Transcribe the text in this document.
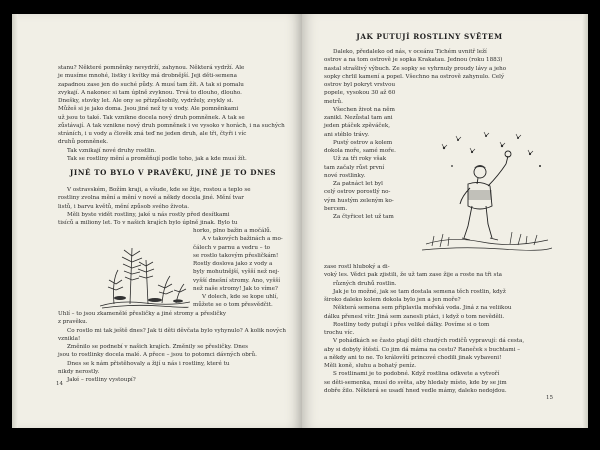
stanu? Některé pomněnky nevydrží, zahynou. Některá vydrží. Ale

je musíme mnohé, listky i kvítky má drobnější. Jeji děti-semena

zapadnou zase jen do suché půdy. A musí tam žít. A tak si pomalu

zvykají. A nakonec si tam úplně zvyknou. Trvá to dlouho, dlouho.

Dnešky, stovky let. Ale ony se přizpůsobily, vydržely, zvykly si.

Můžeš si je jako doma. Jsou jiné než ty u vody. Ale pomněnkami

už jsou to také. Tak vznikne docela nový druh pomněnek. A tak se

zůstávají. A tak vznikne nový druh pomněnek i ve vysoko v horách, i na suchých

stráních, i u vody a člověk zná teď ne jeden druh, ale tři, čtyři i víc

druhů pomněnek.

Tak vznikají nové druhy rostlin.

Tak se rostliny mění a proměňují podle toho, jak a kde musí žít.

JINÉ TO BYLO V PRAVĚKU, JINÉ JE TO DNES

V ostravském, Božím kraji, a všude, kde se žije, rostou a teplo se

rostliny zvolna mění a mění v nové a někdy docela jiné. Mění tvar

listů, i barvu květů, mění způsob svého života.

Měli byste vidět rostliny, jaké u nás rostly před desítkami

tisíců a miliony let. To v našich krajích bylo úplně jinak. Bylo tu

horko, plno bažin a močálů.

A v takových bažinách a mo-

čálech v parnu a vedru – to

se rostlo takovým přesličkám!

Rostly doslova jako z vody a

byly mohutnější, vyšší než nej-

vyšší dnešní stromy. Ano, vyšší

než naše stromy! Jak to víme?

V dolech, kde se kope uhlí,

můžete se o tom přesvědčit.

Uhlí – to jsou zkamenělé přesličky a jiné stromy a přesličky

z pravěku.

Co rostlo mi tak ještě dnes? Jak ti děti děvčata bylo vyhynulo? A kolik nových

vznikla!

Změnilo se podnebí v našich krajích. Změnily se přesličky. Dnes

jsou to rostlinky docela malé. A přece – jsou to potomci dávných obrů.

Dnes se k nám přistěhovaly a žijí u nás i rostliny, které tu

nikdy nerostly.

Jaké – rostliny vystoupí?

14
JAK PUTUJÍ ROSTLINY SVĚTEM

Daleko, předaleko od nás, v oceánu Tichém uvnitř leží

ostrov a na tom ostrově je sopka Krakatau. Jednou (roku 1883)

nastal strašlivý výbuch. Ze sopky se vyhrnuly proudy lávy a jeho

sopky chrlil kamení a popel. Všechno na ostrově zahynulo. Celý

ostrov byl pokryt vrstvou

popele, vysokou 30 až 60

metrů.

Všechen život na něm

zanikl. Nezůstal tam ani

jeden ptáček zpěváček,

ani stéblo trávy.

Pustý ostrov a kolem

dokola moře, samé moře.

Už za tři roky však

tam začaly růst první

nové rostlinky.

Za patnáct let byl

celý ostrov porostlý no-

vým hustým zeleným ko-

bercem.

Za čtyřicet let už tam

zase rostl hluboký a di-

voký les. Vědci pak zjistili, že už tam zase žije a roste na tři sta

různých druhů rostlin.

Jak je to možné, jak se tam dostala semena těch rostlin, když

široko daleko kolem dokola bylo jen a jen moře?

Některá semena sem připlavila mořská voda. Jiná z na veliikou

dálku přenesl vítr. Jiná sem zanesli ptáci, i když o tom nevěděli.

Rostliny tedy putují i přes veliké dálky. Povíme si o tom

trochu víc.

V pohádkách se často ptají děti chudých rodičů vypravují: dá cesta,

aby si dobyly štěstí. Co jim dá máma na cestu? Raneček s buchtami –

a někdy ani to ne. To královští princové chodili jinak vybaveni!

Měli koně, sluhu a bohatý peníz.

S rostlinami je to podobné. Když rostlina odkvete a vytvoří

se děti-semenka, musí do světa, aby hledaly místo, kde by se jim

dobře žilo. Některá se usadí hned vedle mámy, daleko nedojdou.

15
